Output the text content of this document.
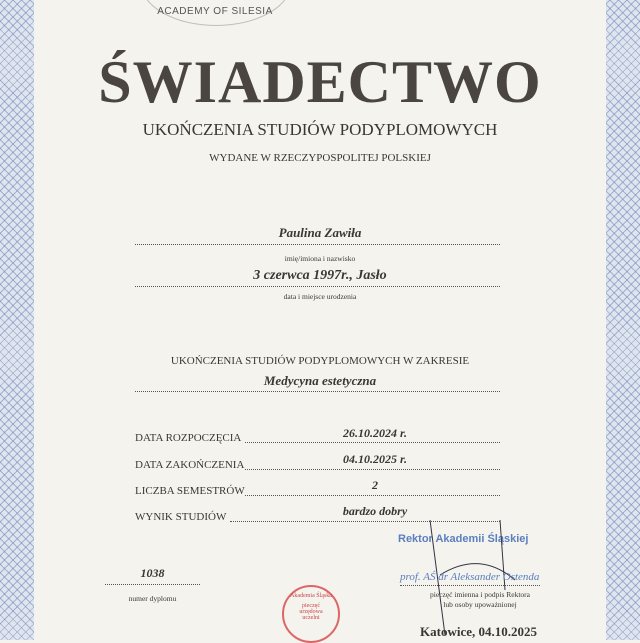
ACADEMY OF SILESIA
ŚWIADECTWO
UKOŃCZENIA STUDIÓW PODYPLOMOWYCH
WYDANE W RZECZYPOSPOLITEJ POLSKIEJ
Paulina Zawiła
imię/imiona i nazwisko
3 czerwca 1997r., Jasło
data i miejsce urodzenia
UKOŃCZENIA STUDIÓW PODYPLOMOWYCH W ZAKRESIE
Medycyna estetyczna
DATA ROZPOCZĘCIA	26.10.2024 r.
DATA ZAKOŃCZENIA	04.10.2025 r.
LICZBA SEMESTRÓW	2
WYNIK STUDIÓW	bardzo dobry
Rektor Akademii Śląskiej
prof. AŚ dr Aleksander Ostenda
pieczęć imienna i podpis Rektora
lub osoby upoważnionej
1038
numer dyplomu	Akademia Śląska
pieczęć urzędowa uczelni
Katowice, 04.10.2025
